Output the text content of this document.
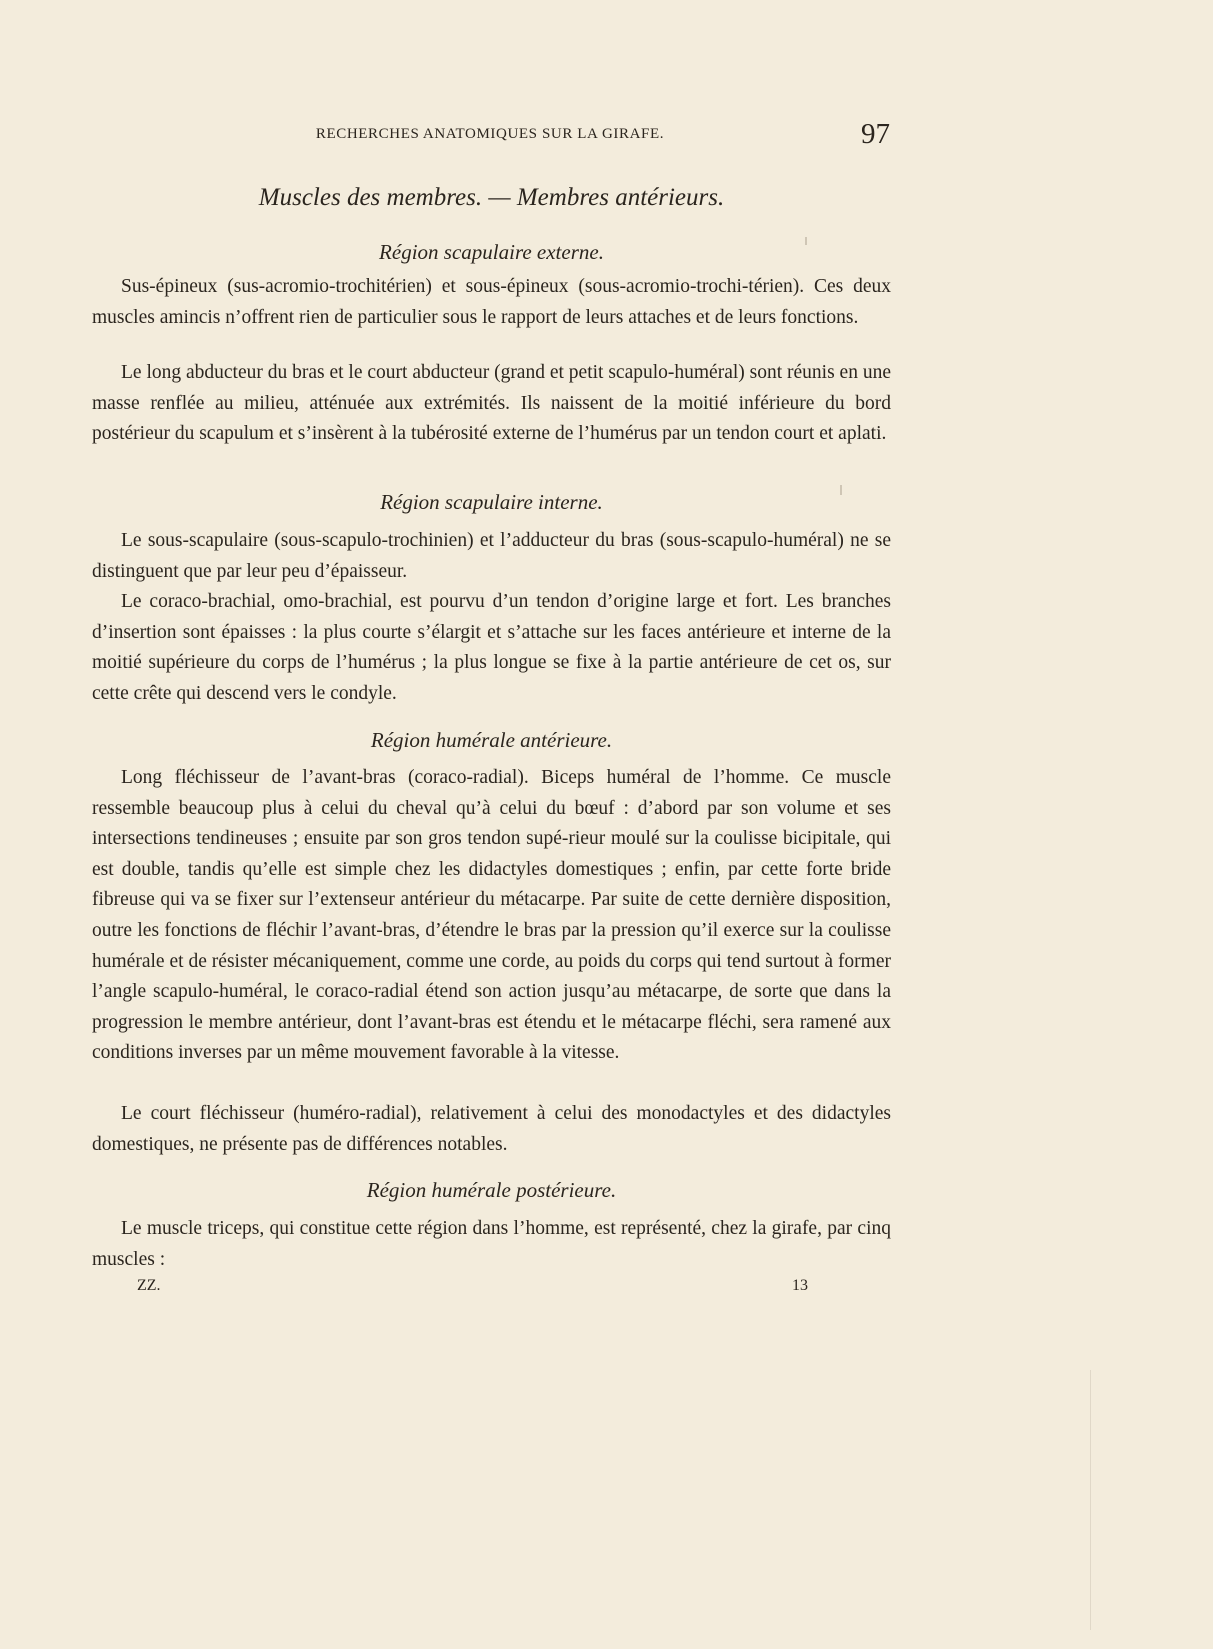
RECHERCHES ANATOMIQUES SUR LA GIRAFE.	97
Muscles des membres. — Membres antérieurs.
Région scapulaire externe.

Sus-épineux (sus-acromio-trochitérien) et sous-épineux (sous-acromio-trochi-térien). Ces deux muscles amincis n’offrent rien de particulier sous le rapport de leurs attaches et de leurs fonctions.

Le long abducteur du bras et le court abducteur (grand et petit scapulo-huméral) sont réunis en une masse renflée au milieu, atténuée aux extrémités. Ils naissent de la moitié inférieure du bord postérieur du scapulum et s’insèrent à la tubérosité externe de l’humérus par un tendon court et aplati.

Région scapulaire interne.

Le sous-scapulaire (sous-scapulo-trochinien) et l’adducteur du bras (sous-scapulo-huméral) ne se distinguent que par leur peu d’épaisseur.

Le coraco-brachial, omo-brachial, est pourvu d’un tendon d’origine large et fort. Les branches d’insertion sont épaisses : la plus courte s’élargit et s’attache sur les faces antérieure et interne de la moitié supérieure du corps de l’humérus ; la plus longue se fixe à la partie antérieure de cet os, sur cette crête qui descend vers le condyle.

Région humérale antérieure.

Long fléchisseur de l’avant-bras (coraco-radial). Biceps huméral de l’homme. Ce muscle ressemble beaucoup plus à celui du cheval qu’à celui du bœuf : d’abord par son volume et ses intersections tendineuses ; ensuite par son gros tendon supé-rieur moulé sur la coulisse bicipitale, qui est double, tandis qu’elle est simple chez les didactyles domestiques ; enfin, par cette forte bride fibreuse qui va se fixer sur l’extenseur antérieur du métacarpe. Par suite de cette dernière disposition, outre les fonctions de fléchir l’avant-bras, d’étendre le bras par la pression qu’il exerce sur la coulisse humérale et de résister mécaniquement, comme une corde, au poids du corps qui tend surtout à former l’angle scapulo-huméral, le coraco-radial étend son action jusqu’au métacarpe, de sorte que dans la progression le membre antérieur, dont l’avant-bras est étendu et le métacarpe fléchi, sera ramené aux conditions inverses par un même mouvement favorable à la vitesse.

Le court fléchisseur (huméro-radial), relativement à celui des monodactyles et des didactyles domestiques, ne présente pas de différences notables.

Région humérale postérieure.

Le muscle triceps, qui constitue cette région dans l’homme, est représenté, chez la girafe, par cinq muscles :

ZZ.	13
